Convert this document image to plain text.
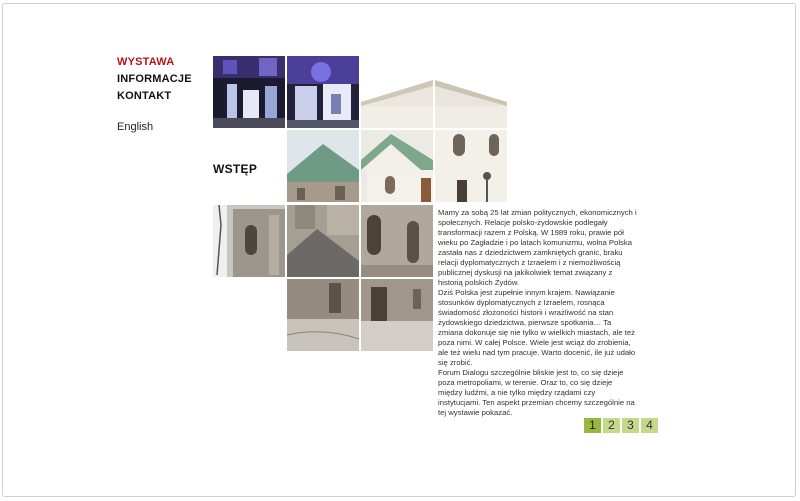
WYSTAWA
INFORMACJE
KONTAKT
English
WSTĘP

Mamy za sobą 25 lat zmian politycznych, ekonomicznych i społecznych. Relacje polsko-żydowskie podlegały transformacji razem z Polską. W 1989 roku, prawie pół wieku po Zagładzie i po latach komunizmu, wolna Polska zastała nas z dziedzictwem zamkniętych granic, braku relacji dyplomatycznych z Izraelem i z niemożliwością publicznej dyskusji na jakikolwiek temat związany z historią polskich Żydów.

Dziś Polska jest zupełnie innym krajem. Nawiązanie stosunków dyplomatycznych z Izraelem, rosnąca świadomość złożoności historii i wrażliwość na stan żydowskiego dziedzictwa, pierwsze spotkania… Ta zmiana dokonuje się nie tylko w wielkich miastach, ale też poza nimi. W całej Polsce. Wiele jest wciąż do zrobienia, ale też wielu nad tym pracuje. Warto docenić, ile już udało się zrobić.

Forum Dialogu szczególnie bliskie jest to, co się dzieje poza metropoliami, w terenie. Oraz to, co się dzieje między ludźmi, a nie tylko między rządami czy instytucjami. Ten aspekt przemian chcemy szczególnie na tej wystawie pokazać.

1	2	3	4
